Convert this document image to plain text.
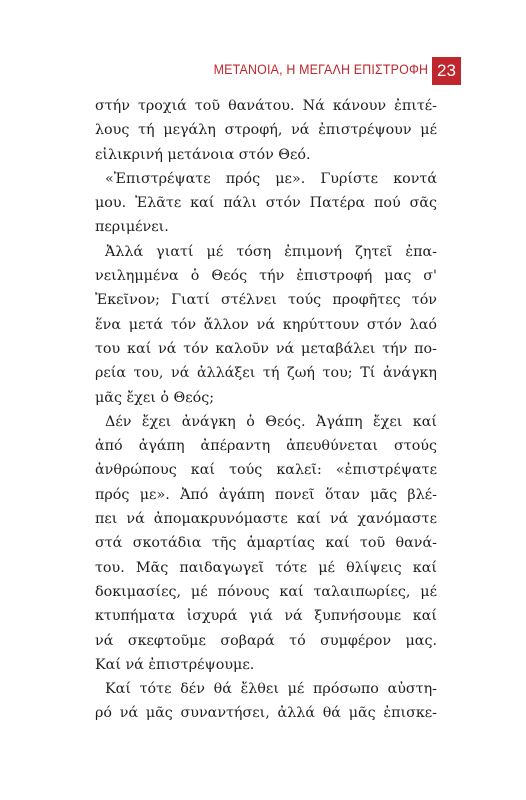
ΜΕΤΑΝΟΙΑ, Η ΜΕΓΑΛΗ ΕΠΙΣΤΡΟΦΗ 23
στήν τροχιά τοῦ θανάτου. Νά κάνουν ἐπιτέ-
λους τή μεγάλη στροφή, νά ἐπιστρέψουν μέ
εἰλικρινή μετάνοια στόν Θεό.
«Ἐπιστρέψατε πρός με». Γυρίστε κοντά
μου. Ἐλᾶτε καί πάλι στόν Πατέρα πού σᾶς
περιμένει.
Ἀλλά γιατί μέ τόση ἐπιμονή ζητεῖ ἐπα-
νειλημμένα ὁ Θεός τήν ἐπιστροφή μας σ'
Ἐκεῖνον; Γιατί στέλνει τούς προφῆτες τόν
ἕνα μετά τόν ἄλλον νά κηρύττουν στόν λαό
του καί νά τόν καλοῦν νά μεταβάλει τήν πο-
ρεία του, νά ἀλλάξει τή ζωή του; Τί ἀνάγκη
μᾶς ἔχει ὁ Θεός;
Δέν ἔχει ἀνάγκη ὁ Θεός. Ἀγάπη ἔχει καί
ἀπό ἀγάπη ἀπέραντη ἀπευθύνεται στούς
ἀνθρώπους καί τούς καλεῖ: «ἐπιστρέψατε
πρός με». Ἀπό ἀγάπη πονεῖ ὅταν μᾶς βλέ-
πει νά ἀπομακρυνόμαστε καί νά χανόμαστε
στά σκοτάδια τῆς ἁμαρτίας καί τοῦ θανά-
του. Μᾶς παιδαγωγεῖ τότε μέ θλίψεις καί
δοκιμασίες, μέ πόνους καί ταλαιπωρίες, μέ
κτυπήματα ἰσχυρά γιά νά ξυπνήσουμε καί
νά σκεφτοῦμε σοβαρά τό συμφέρον μας.
Καί νά ἐπιστρέψουμε.
Καί τότε δέν θά ἔλθει μέ πρόσωπο αὐστη-
ρό νά μᾶς συναντήσει, ἀλλά θά μᾶς ἐπισκε-
